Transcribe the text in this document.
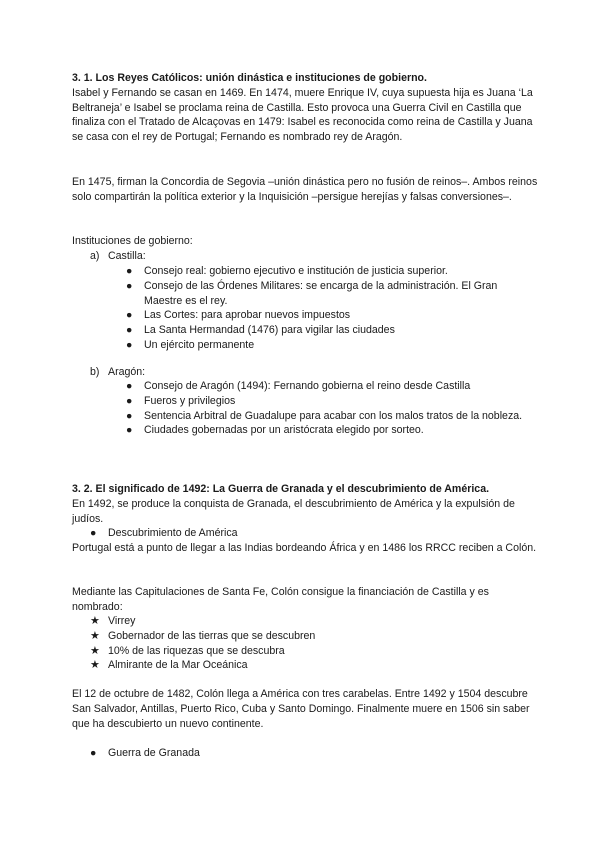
3. 1. Los Reyes Católicos: unión dinástica e instituciones de gobierno.

Isabel y Fernando se casan en 1469. En 1474, muere Enrique IV, cuya supuesta hija es Juana ‘La Beltraneja’ e Isabel se proclama reina de Castilla. Esto provoca una Guerra Civil en Castilla que finaliza con el Tratado de Alcaçovas en 1479: Isabel es reconocida como reina de Castilla y Juana se casa con el rey de Portugal; Fernando es nombrado rey de Aragón.

En 1475, firman la Concordia de Segovia –unión dinástica pero no fusión de reinos–. Ambos reinos solo compartirán la política exterior y la Inquisición –persigue herejías y falsas conversiones–.

Instituciones de gobierno:

a) Castilla:

●	Consejo real: gobierno ejecutivo e institución de justicia superior.
●	Consejo de las Órdenes Militares: se encarga de la administración. El Gran Maestre es el rey.
●	Las Cortes: para aprobar nuevos impuestos
●	La Santa Hermandad (1476) para vigilar las ciudades
●	Un ejército permanente

b) Aragón:

●	Consejo de Aragón (1494): Fernando gobierna el reino desde Castilla
●	Fueros y privilegios
●	Sentencia Arbitral de Guadalupe para acabar con los malos tratos de la nobleza.
●	Ciudades gobernadas por un aristócrata elegido por sorteo.

3. 2. El significado de 1492: La Guerra de Granada y el descubrimiento de América.

En 1492, se produce la conquista de Granada, el descubrimiento de América y la expulsión de judíos.

●	Descubrimiento de América

Portugal está a punto de llegar a las Indias bordeando África y en 1486 los RRCC reciben a Colón.

Mediante las Capitulaciones de Santa Fe, Colón consigue la financiación de Castilla y es nombrado:

★ Virrey
★ Gobernador de las tierras que se descubren
★ 10% de las riquezas que se descubra
★ Almirante de la Mar Oceánica

El 12 de octubre de 1482, Colón llega a América con tres carabelas. Entre 1492 y 1504 descubre San Salvador, Antillas, Puerto Rico, Cuba y Santo Domingo. Finalmente muere en 1506 sin saber que ha descubierto un nuevo continente.

●	Guerra de Granada
